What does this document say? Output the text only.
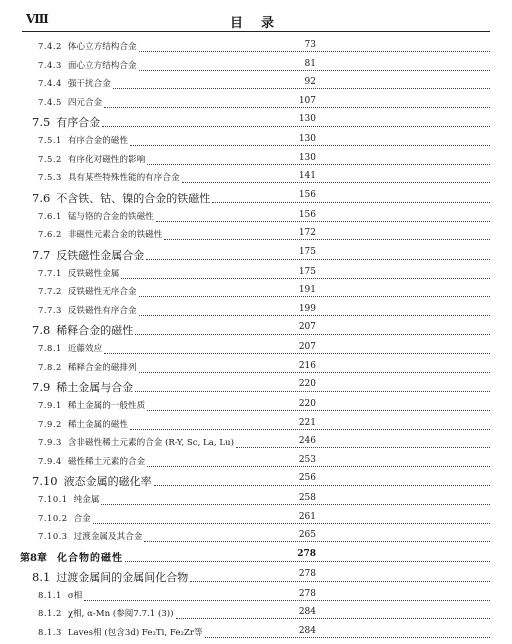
Ⅷ	目录
7.4.2 体心立方结构合金	73
7.4.3 面心立方结构合金	81
7.4.4 强干扰合金	92
7.4.5 四元合金	107
7.5 有序合金	130
7.5.1 有序合金的磁性	130
7.5.2 有序化对磁性的影响	130
7.5.3 具有某些特殊性能的有序合金	141
7.6 不含铁、钴、镍的合金的铁磁性	156
7.6.1 锰与铬的合金的铁磁性	156
7.6.2 非磁性元素合金的铁磁性	172
7.7 反铁磁性金属合金	175
7.7.1 反铁磁性金属	175
7.7.2 反铁磁性无序合金	191
7.7.3 反铁磁性有序合金	199
7.8 稀释合金的磁性	207
7.8.1 近藤效应	207
7.8.2 稀释合金的磁排列	216
7.9 稀土金属与合金	220
7.9.1 稀土金属的一般性质	220
7.9.2 稀土金属的磁性	221
7.9.3 含非磁性稀土元素的合金 (R-Y, Sc, La, Lu)	246
7.9.4 磁性稀土元素的合金	253
7.10 液态金属的磁化率	256
7.10.1 纯金属	258
7.10.2 合金	261
7.10.3 过渡金属及其合金	265
第8章 化合物的磁性	278
8.1 过渡金属间的金属间化合物	278
8.1.1 σ相	278
8.1.2 χ相, α-Mn (参阅7.7.1 (3))	284
8.1.3 Laves相 (包含3d) Fe₂Ti, Fe₂Zr等	284
